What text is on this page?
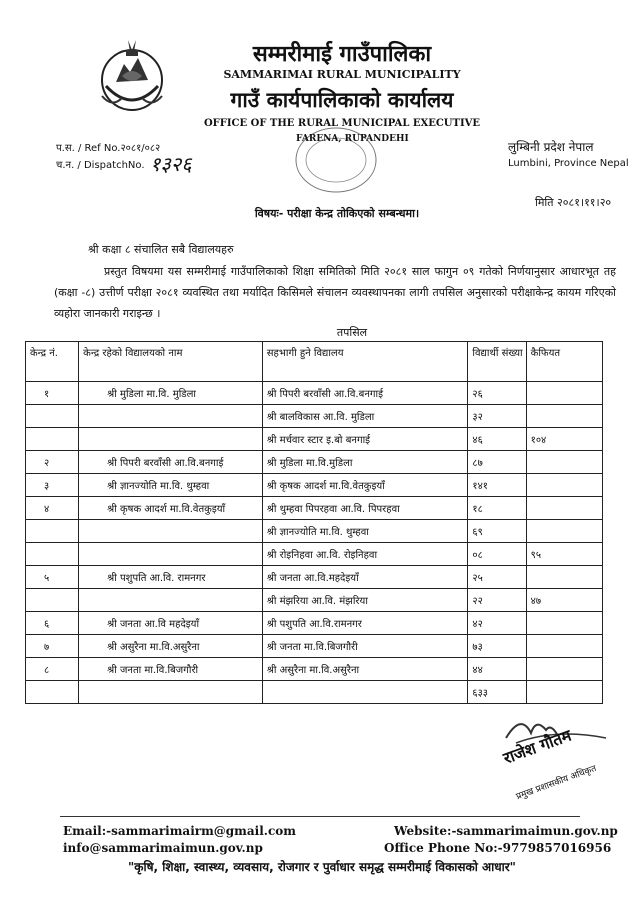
सम्मरीमाई गाउँपालिका
SAMMARIMAI RURAL MUNICIPALITY
गाउँ कार्यपालिकाको कार्यालय
OFFICE OF THE RURAL MUNICIPAL EXECUTIVE
FARENA, RUPANDEHI
प.स. / Ref No.२०८१/०८२
च.न. / DispatchNo. १३२६
लुम्बिनी प्रदेश नेपाल
Lumbini, Province Nepal
मिति २०८१।११।२०
विषयः- परीक्षा केन्द्र तोकिएको सम्बन्धमा।
श्री कक्षा ८ संचालित सबै विद्यालयहरु
प्रस्तुत विषयमा यस सम्मरीमाई गाउँपालिकाको शिक्षा समितिको मिति २०८१ साल फागुन ०९ गतेको निर्णयानुसार आधारभूत तह (कक्षा -८) उत्तीर्ण परीक्षा २०८१ व्यवस्थित तथा मर्यादित किसिमले संचालन व्यवस्थापनका लागी तपसिल अनुसारको परीक्षाकेन्द्र कायम गरिएको व्यहोरा जानकारी गराइन्छ ।
तपसिल
केन्द्र नं.	केन्द्र रहेको विद्यालयको नाम	सहभागी हुने विद्यालय	विद्यार्थी संख्या	कैफियत
१	श्री मुडिला मा.वि. मुडिला	श्री पिपरी बरवाँसी आ.वि.बनगाई	२६	
		श्री बालविकास आ.वि. मुडिला	३२	
		श्री मर्चवार स्टार इ.बो बनगाई	४६	१०४
२	श्री पिपरी बरवाँसी आ.वि.बनगाई	श्री मुडिला मा.वि.मुडिला	८७	
३	श्री ज्ञानज्योति मा.वि. थुम्हवा	श्री कृषक आदर्श मा.वि.वेतकुइयाँ	१४१	
४	श्री कृषक आदर्श मा.वि.वेतकुइयाँ	श्री थुम्हवा पिपरहवा आ.वि. पिपरहवा	१८	
		श्री ज्ञानज्योति मा.वि. थुम्हवा	६९	
		श्री रोइनिहवा आ.वि. रोइनिहवा	०८	९५
५	श्री पशुपति आ.वि. रामनगर	श्री जनता आ.वि.महदेइयाँ	२५	
		श्री मंझरिया आ.वि. मंझरिया	२२	४७
६	श्री जनता आ.वि महदेइयाँ	श्री पशुपति आ.वि.रामनगर	४२	
७	श्री असुरैना मा.वि.असुरैना	श्री जनता मा.वि.बिजगौरी	७३	
८	श्री जनता मा.वि.बिजगौरी	श्री असुरैना मा.वि.असुरैना	४४	
			६३३	
राजेश गौतम
प्रमुख प्रशासकीय अधिकृत
Email:-sammarimairm@gmail.com
info@sammarimaimun.gov.np
Website:-sammarimaimun.gov.np
Office Phone No:-9779857016956
"कृषि, शिक्षा, स्वास्थ्य, व्यवसाय, रोजगार र पुर्वाधार समृद्ध सम्मरीमाई विकासको आधार"
